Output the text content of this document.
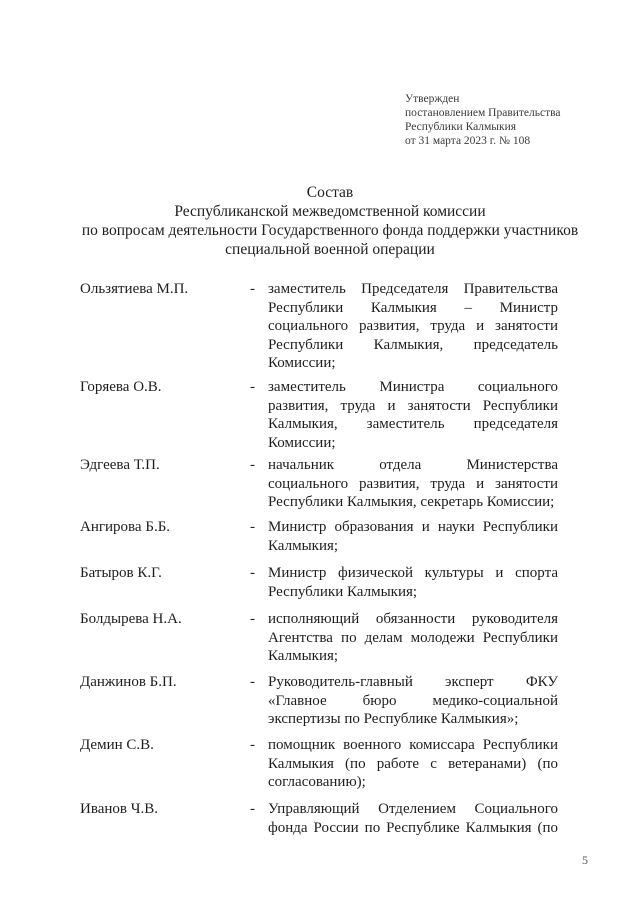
Утвержден
постановлением Правительства
Республики Калмыкия
от 31 марта 2023 г. № 108
Состав
Республиканской межведомственной комиссии
по вопросам деятельности Государственного фонда поддержки участников
специальной военной операции
Ользятиева М.П.	- заместитель Председателя Правительства
Республики Калмыкия – Министр
социального развития, труда и занятости
Республики Калмыкия, председатель
Комиссии;
Горяева О.В.	- заместитель Министра социального
развития, труда и занятости Республики
Калмыкия, заместитель председателя
Комиссии;
Эдгеева Т.П.	- начальник отдела Министерства
социального развития, труда и занятости
Республики Калмыкия, секретарь Комиссии;
Ангирова Б.Б.	- Министр образования и науки Республики
Калмыкия;
Батыров К.Г.	- Министр физической культуры и спорта
Республики Калмыкия;
Болдырева Н.А.	- исполняющий обязанности руководителя
Агентства по делам молодежи Республики
Калмыкия;
Данжинов Б.П.	- Руководитель-главный эксперт ФКУ
«Главное бюро медико-социальной
экспертизы по Республике Калмыкия»;
Демин С.В.	- помощник военного комиссара Республики
Калмыкия (по работе с ветеранами) (по
согласованию);
Иванов Ч.В.	- Управляющий Отделением Социального
фонда России по Республике Калмыкия (по
5
